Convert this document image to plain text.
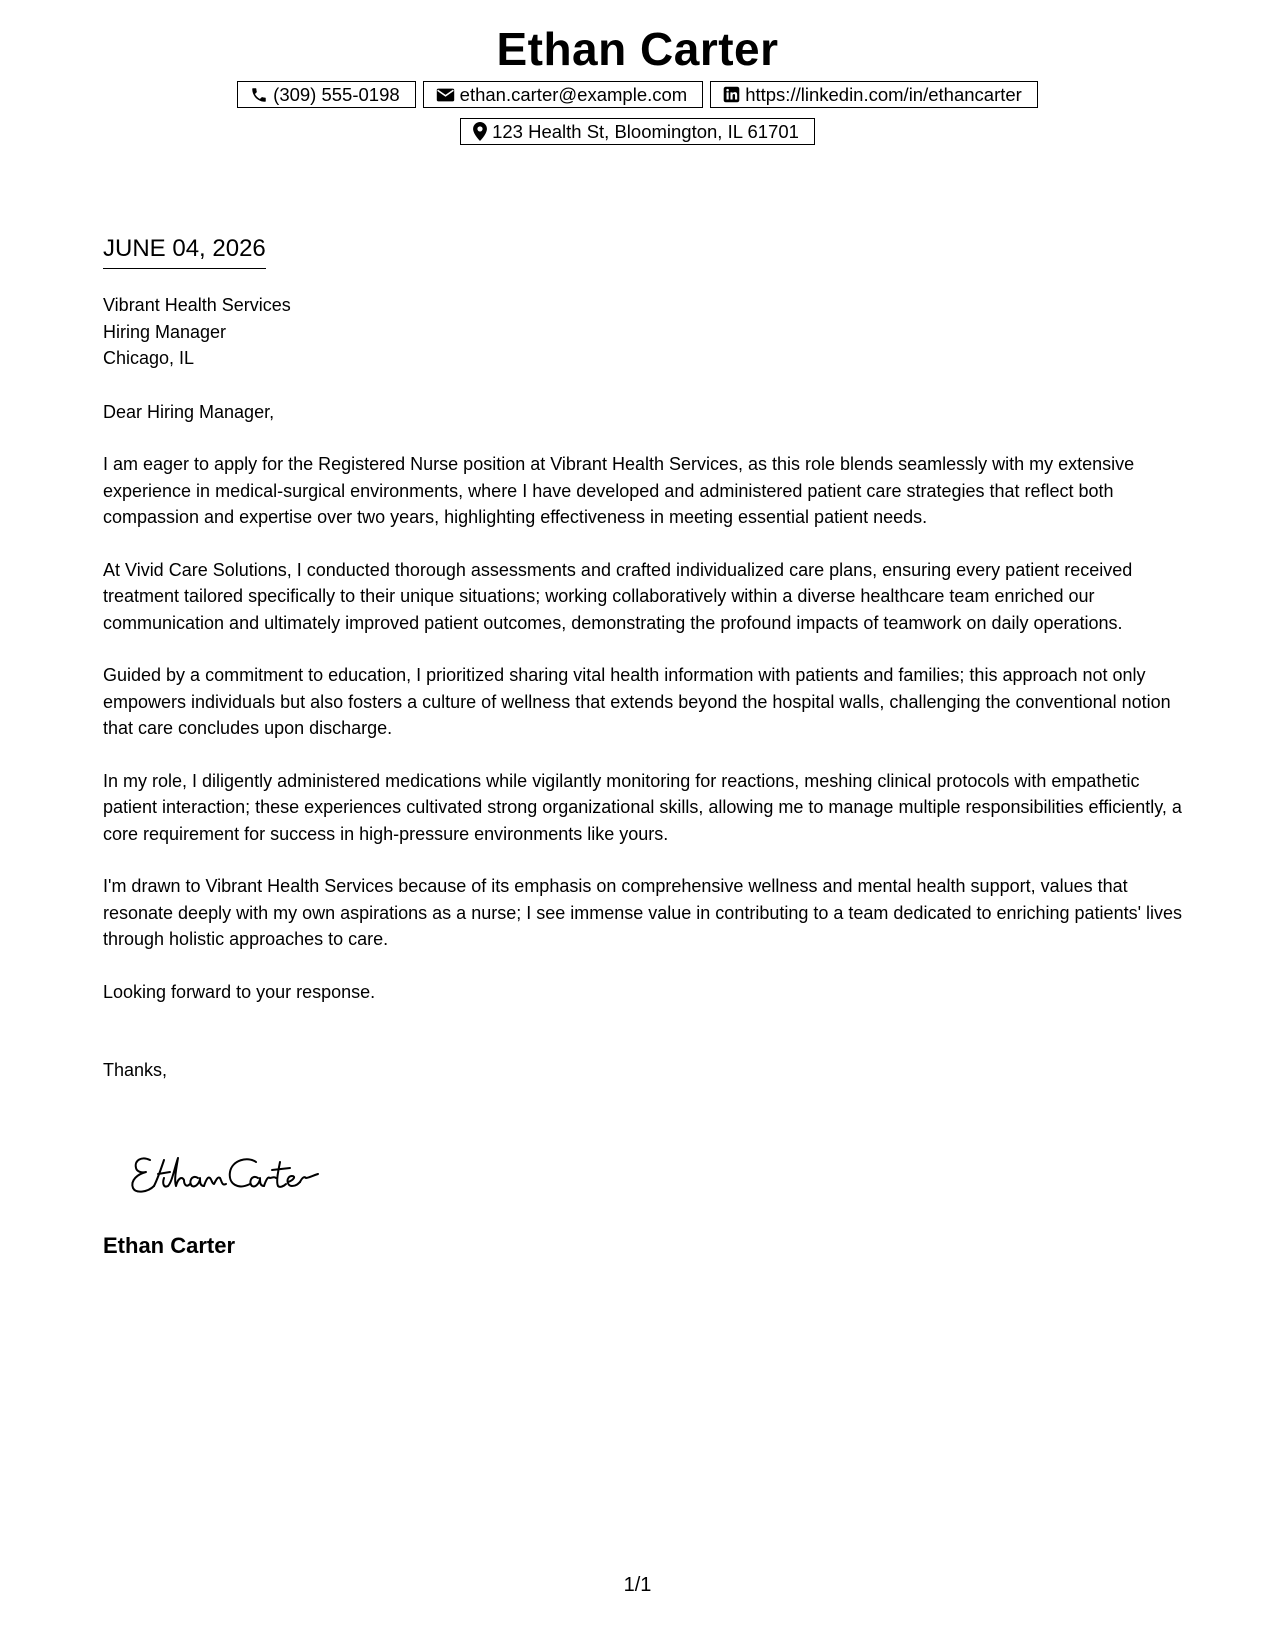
Ethan Carter
(309) 555-0198	ethan.carter@example.com	https://linkedin.com/in/ethancarter
123 Health St, Bloomington, IL 61701
JUNE 04, 2026
Vibrant Health Services
Hiring Manager
Chicago, IL
Dear Hiring Manager,

I am eager to apply for the Registered Nurse position at Vibrant Health Services, as this role blends seamlessly with my extensive experience in medical-surgical environments, where I have developed and administered patient care strategies that reflect both compassion and expertise over two years, highlighting effectiveness in meeting essential patient needs.

At Vivid Care Solutions, I conducted thorough assessments and crafted individualized care plans, ensuring every patient received treatment tailored specifically to their unique situations; working collaboratively within a diverse healthcare team enriched our communication and ultimately improved patient outcomes, demonstrating the profound impacts of teamwork on daily operations.

Guided by a commitment to education, I prioritized sharing vital health information with patients and families; this approach not only empowers individuals but also fosters a culture of wellness that extends beyond the hospital walls, challenging the conventional notion that care concludes upon discharge.

In my role, I diligently administered medications while vigilantly monitoring for reactions, meshing clinical protocols with empathetic patient interaction; these experiences cultivated strong organizational skills, allowing me to manage multiple responsibilities efficiently, a core requirement for success in high-pressure environments like yours.

I'm drawn to Vibrant Health Services because of its emphasis on comprehensive wellness and mental health support, values that resonate deeply with my own aspirations as a nurse; I see immense value in contributing to a team dedicated to enriching patients' lives through holistic approaches to care.

Looking forward to your response.
Thanks,
Ethan Carter
1/1
